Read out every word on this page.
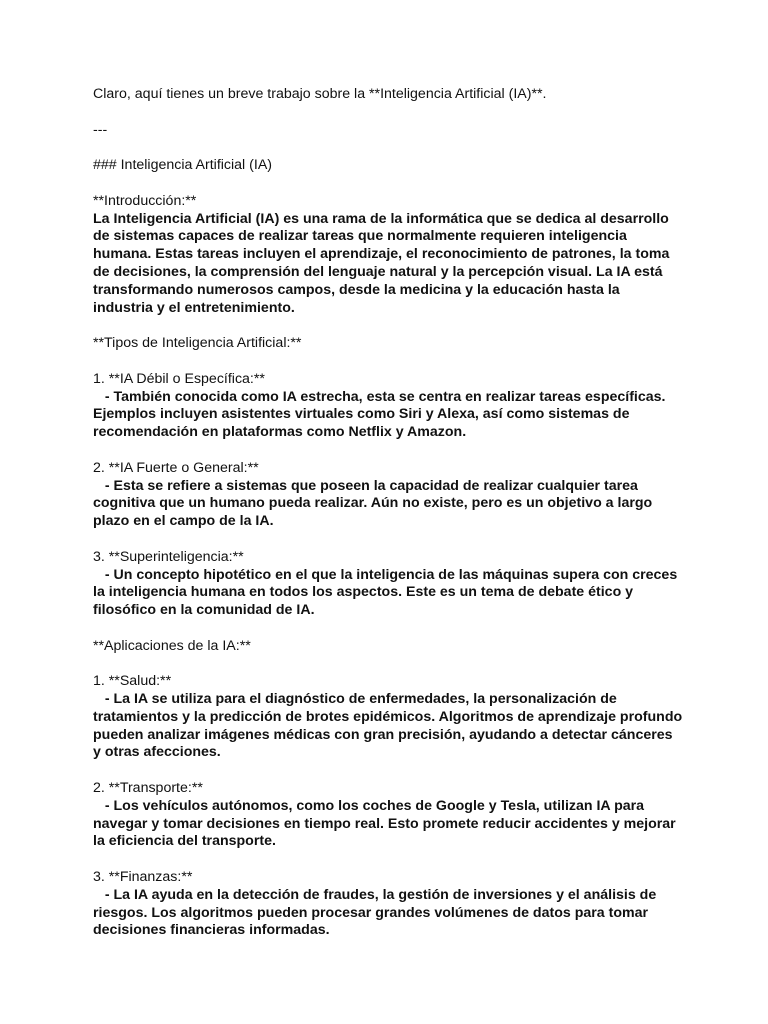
Claro, aquí tienes un breve trabajo sobre la **Inteligencia Artificial (IA)**.

---

### Inteligencia Artificial (IA)

**Introducción:**

La Inteligencia Artificial (IA) es una rama de la informática que se dedica al desarrollo de sistemas capaces de realizar tareas que normalmente requieren inteligencia humana. Estas tareas incluyen el aprendizaje, el reconocimiento de patrones, la toma de decisiones, la comprensión del lenguaje natural y la percepción visual. La IA está transformando numerosos campos, desde la medicina y la educación hasta la industria y el entretenimiento.

**Tipos de Inteligencia Artificial:**

1. **IA Débil o Específica:**

- También conocida como IA estrecha, esta se centra en realizar tareas específicas. Ejemplos incluyen asistentes virtuales como Siri y Alexa, así como sistemas de recomendación en plataformas como Netflix y Amazon.

2. **IA Fuerte o General:**

- Esta se refiere a sistemas que poseen la capacidad de realizar cualquier tarea cognitiva que un humano pueda realizar. Aún no existe, pero es un objetivo a largo plazo en el campo de la IA.

3. **Superinteligencia:**

- Un concepto hipotético en el que la inteligencia de las máquinas supera con creces la inteligencia humana en todos los aspectos. Este es un tema de debate ético y filosófico en la comunidad de IA.

**Aplicaciones de la IA:**

1. **Salud:**

- La IA se utiliza para el diagnóstico de enfermedades, la personalización de tratamientos y la predicción de brotes epidémicos. Algoritmos de aprendizaje profundo pueden analizar imágenes médicas con gran precisión, ayudando a detectar cánceres y otras afecciones.

2. **Transporte:**

- Los vehículos autónomos, como los coches de Google y Tesla, utilizan IA para navegar y tomar decisiones en tiempo real. Esto promete reducir accidentes y mejorar la eficiencia del transporte.

3. **Finanzas:**

- La IA ayuda en la detección de fraudes, la gestión de inversiones y el análisis de riesgos. Los algoritmos pueden procesar grandes volúmenes de datos para tomar decisiones financieras informadas.
